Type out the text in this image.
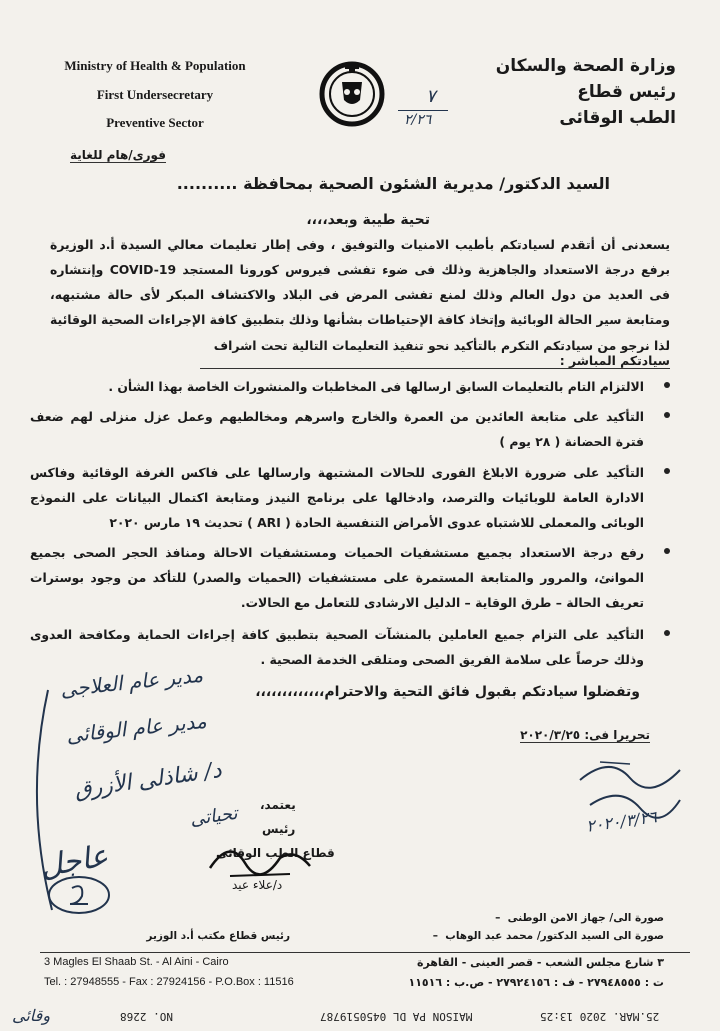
Ministry of Health & Population
First Undersecretary
Preventive Sector
وزارة الصحة والسكان
رئيس قطاع
الطب الوقائى
٧
٢/٢٦
فورى/هام للغاية
السيد الدكتور/ مديرية الشئون الصحية بمحافظة ..........
تحية طيبة وبعد،،،،
يسعدنى أن أتقدم لسيادتكم بأطيب الامنيات والتوفيق ، وفى إطار تعليمات معالي السيدة أ.د الوزيرة برفع درجة الاستعداد والجاهزية وذلك فى ضوء تفشى فيروس كورونا المستجد COVID-19 وإنتشاره فى العديد من دول العالم وذلك لمنع تفشى المرض فى البلاد والاكتشاف المبكر لأى حالة مشتبهه، ومتابعة سير الحالة الوبائية وإتخاذ كافة الإحتياطات بشأنها وذلك بتطبيق كافة الإجراءات الصحية الوقائية
لذا نرجو من سيادتكم التكرم بالتأكيد نحو تنفيذ التعليمات التالية تحت اشراف سيادتكم المباشر :
الالتزام التام بالتعليمات السابق ارسالها فى المخاطبات والمنشورات الخاصة بهذا الشأن .
التأكيد على متابعة العائدين من العمرة والخارج واسرهم ومخالطيهم وعمل عزل منزلى لهم ضعف فترة الحضانة ( ٢٨ يوم )
التأكيد على ضرورة الابلاغ الفورى للحالات المشتبهة وارسالها على فاكس الغرفة الوقائية وفاكس الادارة العامة للوبائيات والترصد، وادخالها على برنامج النيدز ومتابعة اكتمال البيانات على النموذج الوبائى والمعملى للاشتباه عدوى الأمراض التنفسية الحادة ( ARI ) تحديث ١٩ مارس ٢٠٢٠
رفع درجة الاستعداد بجميع مستشفيات الحميات ومستشفيات الاحالة ومنافذ الحجر الصحى بجميع الموانئ، والمرور والمتابعة المستمرة على مستشفيات (الحميات والصدر) للتأكد من وجود بوسترات تعريف الحالة – طرق الوقاية – الدليل الارشادى للتعامل مع الحالات.
التأكيد على التزام جميع العاملين بالمنشآت الصحية بتطبيق كافة إجراءات الحماية ومكافحة العدوى وذلك حرصاً على سلامة الفريق الصحى ومتلقى الخدمة الصحية .
وتفضلوا سيادتكم بقبول فائق التحية والاحترام،،،،،،،،،،،،،
تحريرا فى: ٢٠٢٠/٣/٢٥
يعتمد،
رئيس
قطاع الطب الوقائى
د/علاء عيد
مدير عام العلاجى
مدير عام الوقائى
د/ شاذلى الأزرق
عاجل
تحياتى	٢٠٢٠/٣/٢٦
صورة الى/ جهاز الامن الوطنى  –
صورة الى السيد الدكتور/ محمد عبد الوهاب  –
رئيس قطاع مكتب أ.د الوزير
3 Magles El Shaab St. - Al Aini - Cairo
Tel. : 27948555 - Fax : 27924156 - P.O.Box : 11516
٣ شارع مجلس الشعب - قصر العينى - القاهرة
ت : ٢٧٩٤٨٥٥٥ - ف : ٢٧٩٢٤١٥٦ - ص.ب : ١١٥١٦
NO. 2268	MAISON PA DL 0450519787	25.MAR. 2020 13:25
وقائى
